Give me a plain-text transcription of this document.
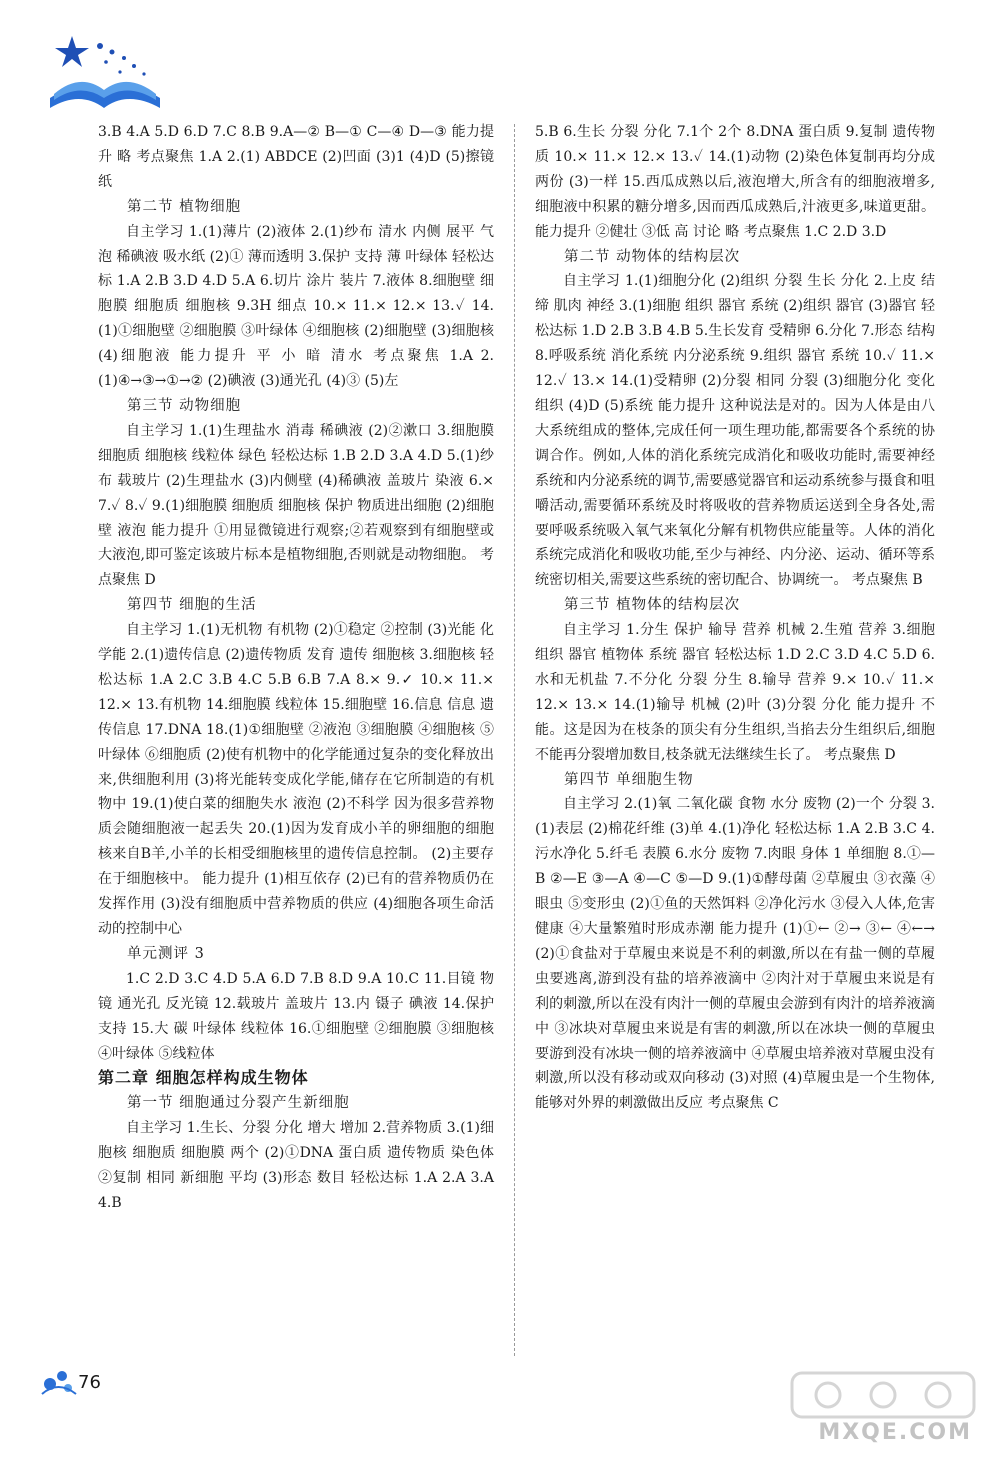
3.B 4.A 5.D 6.D 7.C 8.B 9.A—② B—① C—④ D—③ 能力提升 略 考点聚焦 1.A 2.(1) ABDCE (2)凹面 (3)1 (4)D (5)擦镜纸
第二节 植物细胞
自主学习 1.(1)薄片 (2)液体 2.(1)纱布 清水 内侧 展平 气泡 稀碘液 吸水纸 (2)① 薄而透明 3.保护 支持 薄 叶绿体 轻松达标 1.A 2.B 3.D 4.D 5.A 6.切片 涂片 装片 7.液体 8.细胞壁 细胞膜 细胞质 细胞核 9.3H 细点 10.× 11.× 12.× 13.✓ 14.(1)①细胞壁 ②细胞膜 ③叶绿体 ④细胞核 (2)细胞壁 (3)细胞核 (4)细胞液 能力提升 平 小 暗 清水 考点聚焦 1.A 2.(1)④→③→①→② (2)碘液 (3)通光孔 (4)③ (5)左
第三节 动物细胞
自主学习 1.(1)生理盐水 消毒 稀碘液 (2)②漱口 3.细胞膜 细胞质 细胞核 线粒体 绿色 轻松达标 1.B 2.D 3.A 4.D 5.(1)纱布 载玻片 (2)生理盐水 (3)内侧壁 (4)稀碘液 盖玻片 染液 6.× 7.✓ 8.✓ 9.(1)细胞膜 细胞质 细胞核 保护 物质进出细胞 (2)细胞壁 液泡 能力提升 ①用显微镜进行观察;②若观察到有细胞壁或大液泡,即可鉴定该玻片标本是植物细胞,否则就是动物细胞。 考点聚焦 D
第四节 细胞的生活
自主学习 1.(1)无机物 有机物 (2)①稳定 ②控制 (3)光能 化学能 2.(1)遗传信息 (2)遗传物质 发育 遗传 细胞核 3.细胞核 轻松达标 1.A 2.C 3.B 4.C 5.B 6.B 7.A 8.× 9.✓ 10.× 11.× 12.× 13.有机物 14.细胞膜 线粒体 15.细胞壁 16.信息 信息 遗传信息 17.DNA 18.(1)①细胞壁 ②液泡 ③细胞膜 ④细胞核 ⑤叶绿体 ⑥细胞质 (2)使有机物中的化学能通过复杂的变化释放出来,供细胞利用 (3)将光能转变成化学能,储存在它所制造的有机物中 19.(1)使白菜的细胞失水 液泡 (2)不科学 因为很多营养物质会随细胞液一起丢失 20.(1)因为发育成小羊的卵细胞的细胞核来自B羊,小羊的长相受细胞核里的遗传信息控制。 (2)主要存在于细胞核中。 能力提升 (1)相互依存 (2)已有的营养物质仍在发挥作用 (3)没有细胞质中营养物质的供应 (4)细胞各项生命活动的控制中心
单元测评 3
1.C 2.D 3.C 4.D 5.A 6.D 7.B 8.D 9.A 10.C 11.目镜 物镜 通光孔 反光镜 12.载玻片 盖玻片 13.内 镊子 碘液 14.保护 支持 15.大 碳 叶绿体 线粒体 16.①细胞壁 ②细胞膜 ③细胞核 ④叶绿体 ⑤线粒体
第二章 细胞怎样构成生物体
第一节 细胞通过分裂产生新细胞
自主学习 1.生长、分裂 分化 增大 增加 2.营养物质 3.(1)细胞核 细胞质 细胞膜 两个 (2)①DNA 蛋白质 遗传物质 染色体 ②复制 相同 新细胞 平均 (3)形态 数目 轻松达标 1.A 2.A 3.A 4.B
5.B 6.生长 分裂 分化 7.1个 2个 8.DNA 蛋白质 9.复制 遗传物质 10.× 11.× 12.× 13.✓ 14.(1)动物 (2)染色体复制再均分成两份 (3)一样 15.西瓜成熟以后,液泡增大,所含有的细胞液增多,细胞液中积累的糖分增多,因而西瓜成熟后,汁液更多,味道更甜。 能力提升 ②健壮 ③低 高 讨论 略 考点聚焦 1.C 2.D 3.D
第二节 动物体的结构层次
自主学习 1.(1)细胞分化 (2)组织 分裂 生长 分化 2.上皮 结缔 肌肉 神经 3.(1)细胞 组织 器官 系统 (2)组织 器官 (3)器官 轻松达标 1.D 2.B 3.B 4.B 5.生长发育 受精卵 6.分化 7.形态 结构 8.呼吸系统 消化系统 内分泌系统 9.组织 器官 系统 10.✓ 11.× 12.✓ 13.× 14.(1)受精卵 (2)分裂 相同 分裂 (3)细胞分化 变化 组织 (4)D (5)系统 能力提升 这种说法是对的。因为人体是由八大系统组成的整体,完成任何一项生理功能,都需要各个系统的协调合作。例如,人体的消化系统完成消化和吸收功能时,需要神经系统和内分泌系统的调节,需要感觉器官和运动系统参与摄食和咀嚼活动,需要循环系统及时将吸收的营养物质运送到全身各处,需要呼吸系统吸入氧气来氧化分解有机物供应能量等。人体的消化系统完成消化和吸收功能,至少与神经、内分泌、运动、循环等系统密切相关,需要这些系统的密切配合、协调统一。 考点聚焦 B
第三节 植物体的结构层次
自主学习 1.分生 保护 输导 营养 机械 2.生殖 营养 3.细胞 组织 器官 植物体 系统 器官 轻松达标 1.D 2.C 3.D 4.C 5.D 6.水和无机盐 7.不分化 分裂 分生 8.输导 营养 9.× 10.✓ 11.× 12.× 13.× 14.(1)输导 机械 (2)叶 (3)分裂 分化 能力提升 不能。这是因为在枝条的顶尖有分生组织,当掐去分生组织后,细胞不能再分裂增加数目,枝条就无法继续生长了。 考点聚焦 D
第四节 单细胞生物
自主学习 2.(1)氧 二氧化碳 食物 水分 废物 (2)一个 分裂 3.(1)表层 (2)棉花纤维 (3)单 4.(1)净化 轻松达标 1.A 2.B 3.C 4.污水净化 5.纤毛 表膜 6.水分 废物 7.肉眼 身体 1 单细胞 8.①—B ②—E ③—A ④—C ⑤—D 9.(1)①酵母菌 ②草履虫 ③衣藻 ④眼虫 ⑤变形虫 (2)①鱼的天然饵料 ②净化污水 ③侵入人体,危害健康 ④大量繁殖时形成赤潮 能力提升 (1)①← ②→ ③← ④←→ (2)①食盐对于草履虫来说是不利的刺激,所以在有盐一侧的草履虫要逃离,游到没有盐的培养液滴中 ②肉汁对于草履虫来说是有利的刺激,所以在没有肉汁一侧的草履虫会游到有肉汁的培养液滴中 ③冰块对草履虫来说是有害的刺激,所以在冰块一侧的草履虫要游到没有冰块一侧的培养液滴中 ④草履虫培养液对草履虫没有刺激,所以没有移动或双向移动 (3)对照 (4)草履虫是一个生物体,能够对外界的刺激做出反应 考点聚焦 C
76
MXQE.COM
